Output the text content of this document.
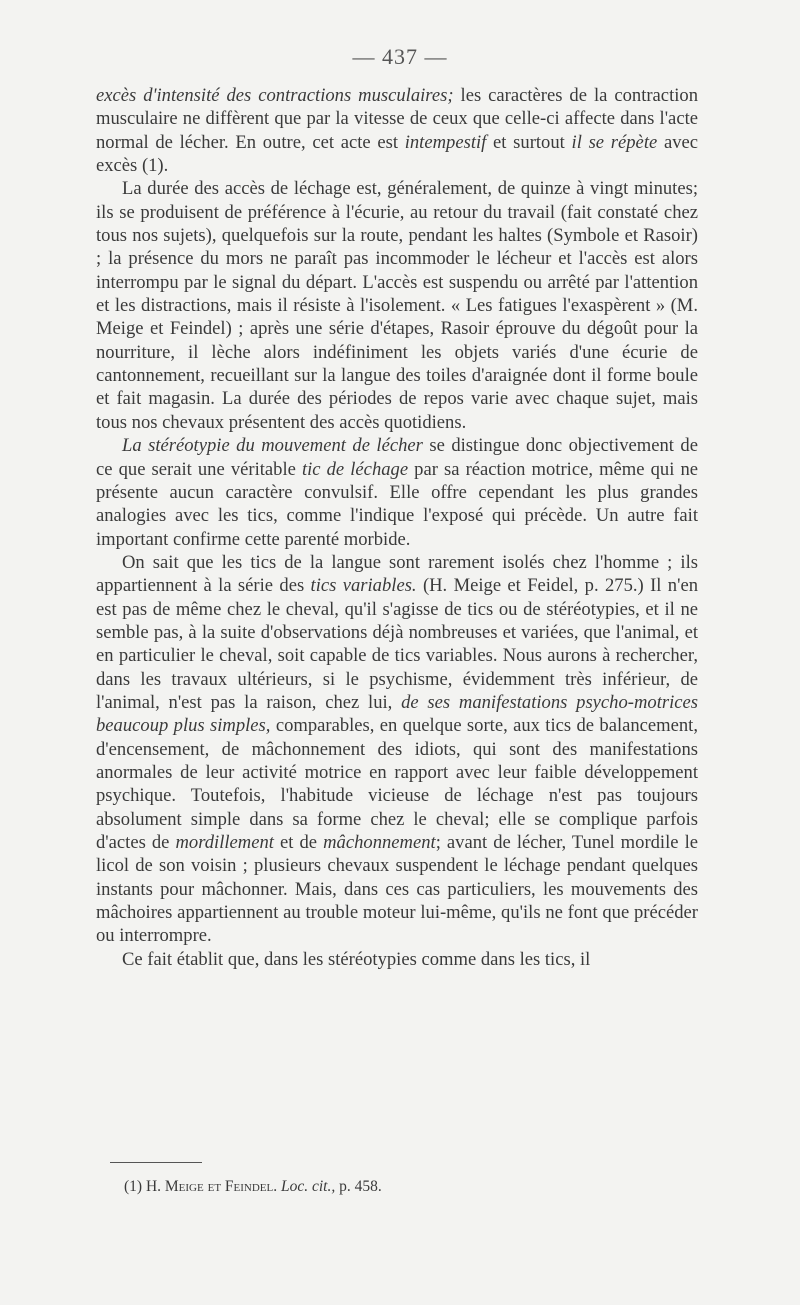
— 437 —

excès d'intensité des contractions musculaires; les caractères de la contraction musculaire ne diffèrent que par la vitesse de ceux que celle-ci affecte dans l'acte normal de lécher. En outre, cet acte est intempestif et surtout il se répète avec excès (1).

La durée des accès de léchage est, généralement, de quinze à vingt minutes; ils se produisent de préférence à l'écurie, au retour du travail (fait constaté chez tous nos sujets), quelquefois sur la route, pendant les haltes (Symbole et Rasoir) ; la présence du mors ne paraît pas incommoder le lécheur et l'accès est alors interrompu par le signal du départ. L'accès est suspendu ou arrêté par l'attention et les distractions, mais il résiste à l'isolement. « Les fatigues l'exaspèrent » (M. Meige et Feindel) ; après une série d'étapes, Rasoir éprouve du dégoût pour la nourriture, il lèche alors indéfiniment les objets variés d'une écurie de cantonnement, recueillant sur la langue des toiles d'araignée dont il forme boule et fait magasin. La durée des périodes de repos varie avec chaque sujet, mais tous nos chevaux présentent des accès quotidiens.

La stéréotypie du mouvement de lécher se distingue donc objectivement de ce que serait une véritable tic de léchage par sa réaction motrice, même qui ne présente aucun caractère convulsif. Elle offre cependant les plus grandes analogies avec les tics, comme l'indique l'exposé qui précède. Un autre fait important confirme cette parenté morbide.

On sait que les tics de la langue sont rarement isolés chez l'homme ; ils appartiennent à la série des tics variables. (H. Meige et Feidel, p. 275.) Il n'en est pas de même chez le cheval, qu'il s'agisse de tics ou de stéréotypies, et il ne semble pas, à la suite d'observations déjà nombreuses et variées, que l'animal, et en particulier le cheval, soit capable de tics variables. Nous aurons à rechercher, dans les travaux ultérieurs, si le psychisme, évidemment très inférieur, de l'animal, n'est pas la raison, chez lui, de ses manifestations psycho-motrices beaucoup plus simples, comparables, en quelque sorte, aux tics de balancement, d'encensement, de mâchonnement des idiots, qui sont des manifestations anormales de leur activité motrice en rapport avec leur faible développement psychique. Toutefois, l'habitude vicieuse de léchage n'est pas toujours absolument simple dans sa forme chez le cheval; elle se complique parfois d'actes de mordillement et de mâchonnement; avant de lécher, Tunel mordile le licol de son voisin ; plusieurs chevaux suspendent le léchage pendant quelques instants pour mâchonner. Mais, dans ces cas particuliers, les mouvements des mâchoires appartiennent au trouble moteur lui-même, qu'ils ne font que précéder ou interrompre.

Ce fait établit que, dans les stéréotypies comme dans les tics, il

(1) H. Meige et Feindel. Loc. cit., p. 458.
